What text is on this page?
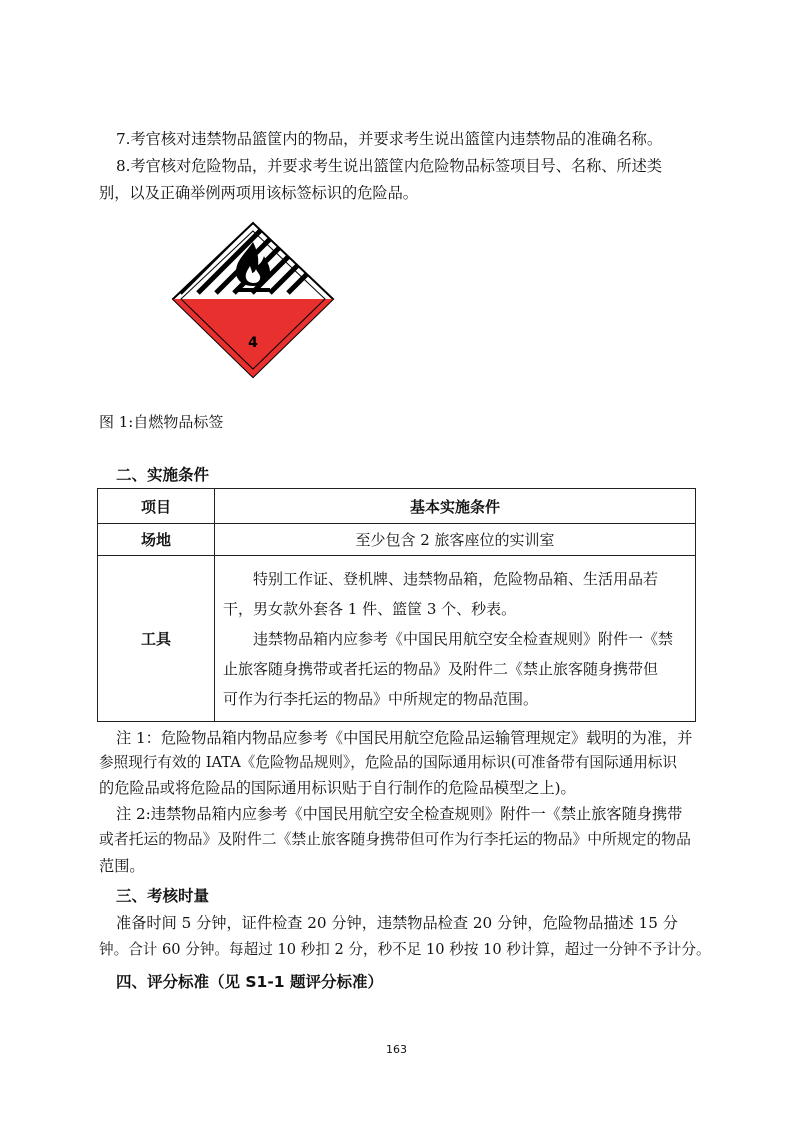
7.考官核对违禁物品篮筐内的物品，并要求考生说出篮筐内违禁物品的准确名称。
8.考官核对危险物品，并要求考生说出篮筐内危险物品标签项目号、名称、所述类
别，以及正确举例两项用该标签标识的危险品。
4
图 1:自燃物品标签
二、实施条件
项目	基本实施条件
场地	至少包含 2 旅客座位的实训室
工具	特别工作证、登机牌、违禁物品箱，危险物品箱、生活用品若
干，男女款外套各 1 件、篮筐 3 个、秒表。
违禁物品箱内应参考《中国民用航空安全检查规则》附件一《禁
止旅客随身携带或者托运的物品》及附件二《禁止旅客随身携带但
可作为行李托运的物品》中所规定的物品范围。
注 1：危险物品箱内物品应参考《中国民用航空危险品运输管理规定》载明的为准，并
参照现行有效的 IATA《危险物品规则》，危险品的国际通用标识(可准备带有国际通用标识
的危险品或将危险品的国际通用标识贴于自行制作的危险品模型之上)。
注 2:违禁物品箱内应参考《中国民用航空安全检查规则》附件一《禁止旅客随身携带
或者托运的物品》及附件二《禁止旅客随身携带但可作为行李托运的物品》中所规定的物品
范围。
三、考核时量
准备时间 5 分钟，证件检查 20 分钟，违禁物品检查 20 分钟，危险物品描述 15 分
钟。合计 60 分钟。每超过 10 秒扣 2 分，秒不足 10 秒按 10 秒计算，超过一分钟不予计分。
四、评分标准（见 S1-1 题评分标准）
163
